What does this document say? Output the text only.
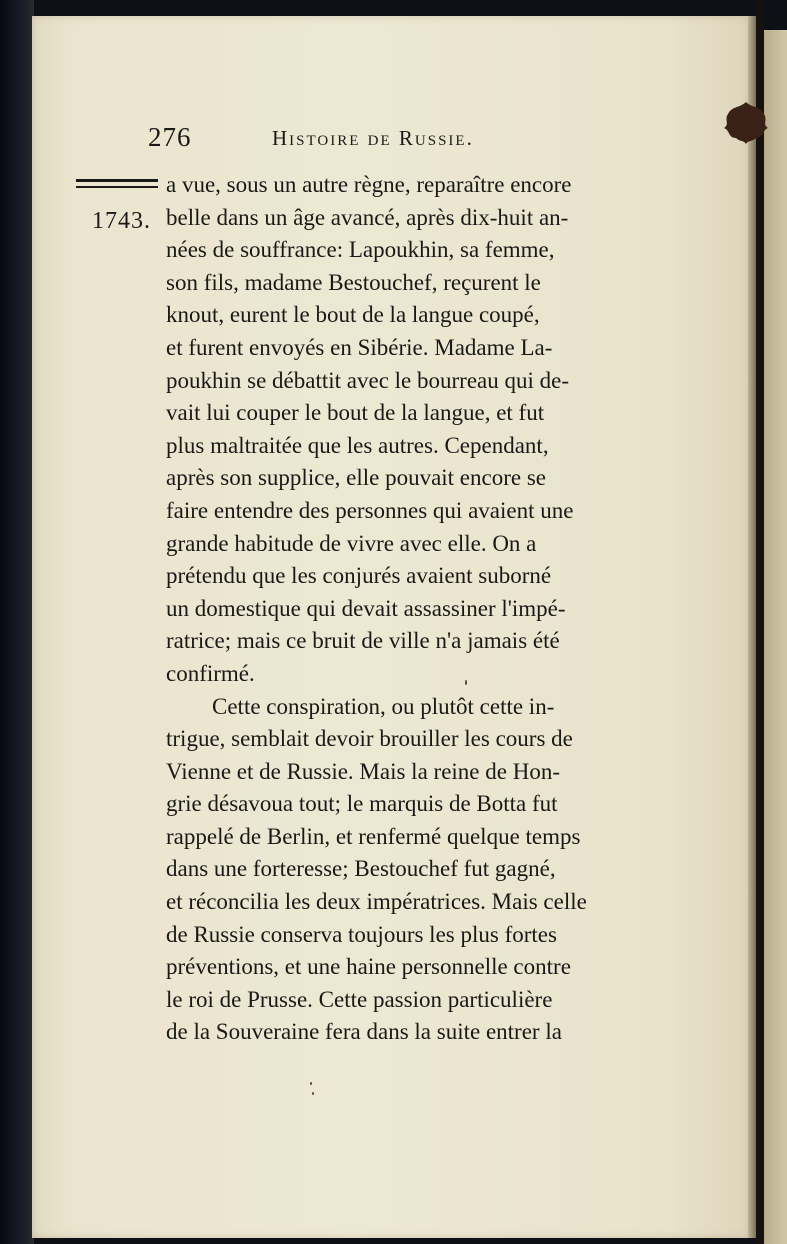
276	Histoire de Russie.
1743.
a vue, sous un autre règne, reparaître encore
belle dans un âge avancé, après dix-huit an-
nées de souffrance: Lapoukhin, sa femme,
son fils, madame Bestouchef, reçurent le
knout, eurent le bout de la langue coupé,
et furent envoyés en Sibérie. Madame La-
poukhin se débattit avec le bourreau qui de-
vait lui couper le bout de la langue, et fut
plus maltraitée que les autres. Cependant,
après son supplice, elle pouvait encore se
faire entendre des personnes qui avaient une
grande habitude de vivre avec elle. On a
prétendu que les conjurés avaient suborné
un domestique qui devait assassiner l'impé-
ratrice; mais ce bruit de ville n'a jamais été
confirmé.
Cette conspiration, ou plutôt cette in-
trigue, semblait devoir brouiller les cours de
Vienne et de Russie. Mais la reine de Hon-
grie désavoua tout; le marquis de Botta fut
rappelé de Berlin, et renfermé quelque temps
dans une forteresse; Bestouchef fut gagné,
et réconcilia les deux impératrices. Mais celle
de Russie conserva toujours les plus fortes
préventions, et une haine personnelle contre
le roi de Prusse. Cette passion particulière
de la Souveraine fera dans la suite entrer la
